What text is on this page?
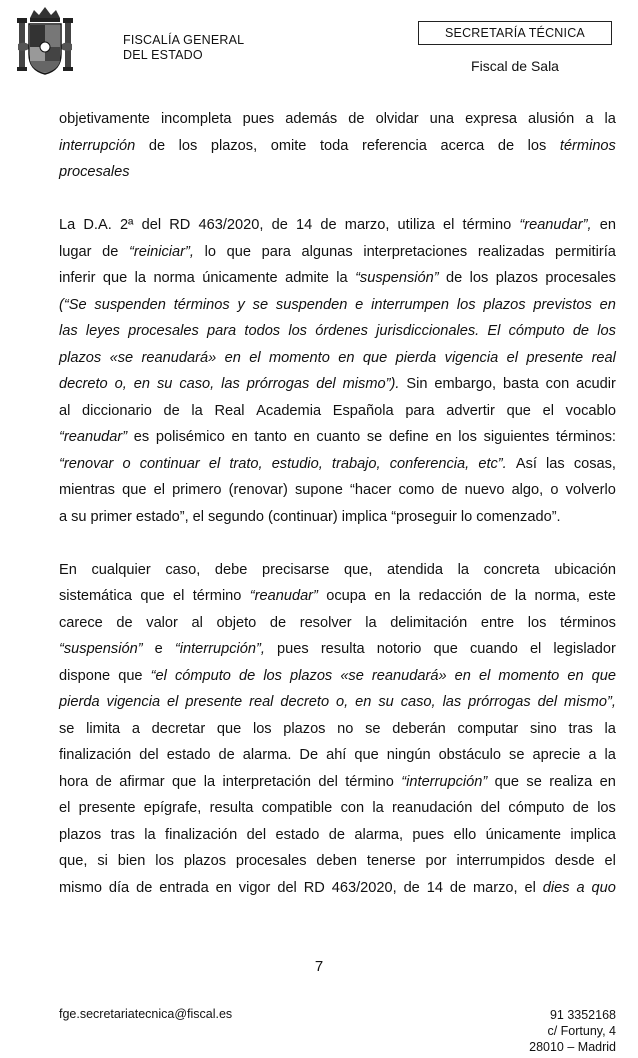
FISCALÍA GENERAL
DEL ESTADO
SECRETARÍA TÉCNICA
Fiscal de Sala
objetivamente incompleta pues además de olvidar una expresa alusión a la
interrupción de los plazos, omite toda referencia acerca de los términos
procesales
La D.A. 2ª del RD 463/2020, de 14 de marzo, utiliza el término “reanudar”, en
lugar de “reiniciar”, lo que para algunas interpretaciones realizadas permitiría
inferir que la norma únicamente admite la “suspensión” de los plazos procesales
(“Se suspenden términos y se suspenden e interrumpen los plazos previstos en
las leyes procesales para todos los órdenes jurisdiccionales. El cómputo de los
plazos «se reanudará» en el momento en que pierda vigencia el presente real
decreto o, en su caso, las prórrogas del mismo”). Sin embargo, basta con acudir
al diccionario de la Real Academia Española para advertir que el vocablo
“reanudar” es polisémico en tanto en cuanto se define en los siguientes términos:
“renovar o continuar el trato, estudio, trabajo, conferencia, etc”. Así las cosas,
mientras que el primero (renovar) supone “hacer como de nuevo algo, o volverlo
a su primer estado”, el segundo (continuar) implica “proseguir lo comenzado”.
En cualquier caso, debe precisarse que, atendida la concreta ubicación
sistemática que el término “reanudar” ocupa en la redacción de la norma, este
carece de valor al objeto de resolver la delimitación entre los términos
“suspensión” e “interrupción”, pues resulta notorio que cuando el legislador
dispone que “el cómputo de los plazos «se reanudará» en el momento en que
pierda vigencia el presente real decreto o, en su caso, las prórrogas del mismo”,
se limita a decretar que los plazos no se deberán computar sino tras la
finalización del estado de alarma. De ahí que ningún obstáculo se aprecie a la
hora de afirmar que la interpretación del término “interrupción” que se realiza en
el presente epígrafe, resulta compatible con la reanudación del cómputo de los
plazos tras la finalización del estado de alarma, pues ello únicamente implica
que, si bien los plazos procesales deben tenerse por interrumpidos desde el
mismo día de entrada en vigor del RD 463/2020, de 14 de marzo, el dies a quo
7
fge.secretariatecnica@fiscal.es	91 3352168
c/ Fortuny, 4
28010 – Madrid
